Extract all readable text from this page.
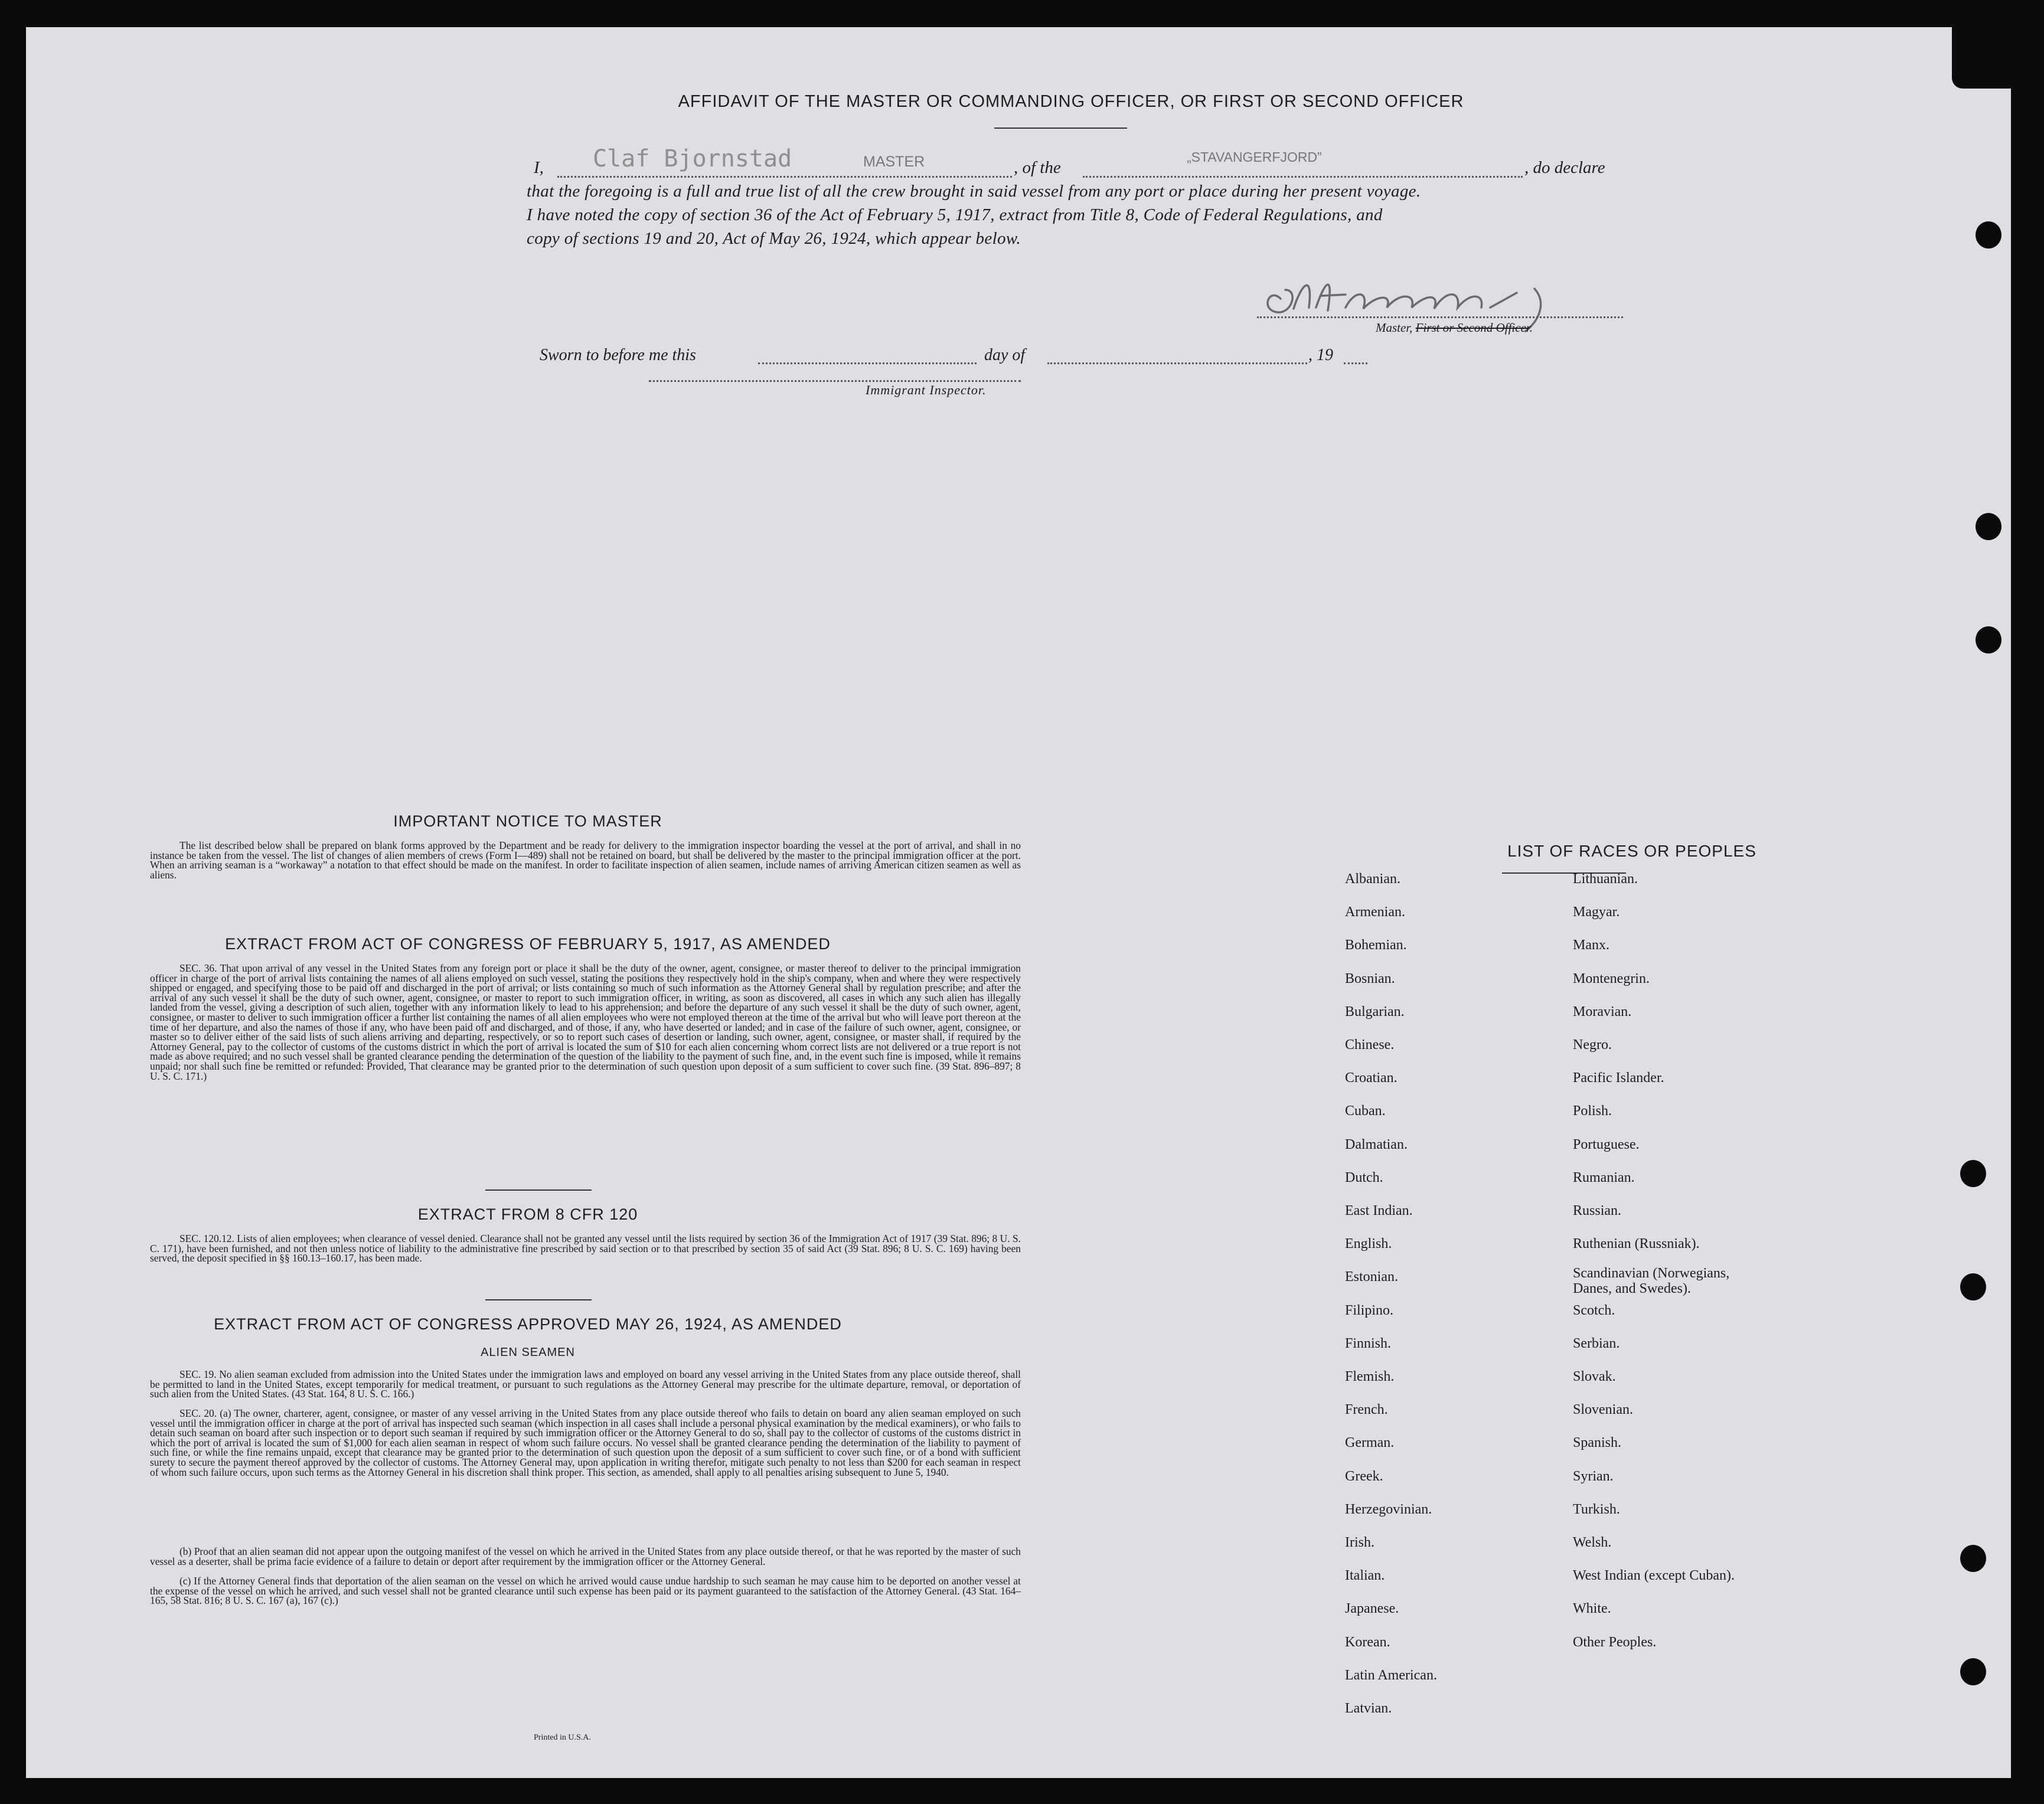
AFFIDAVIT OF THE MASTER OR COMMANDING OFFICER, OR FIRST OR SECOND OFFICER
I, Claf Bjornstad	MASTER	, of the
„STAVANGERFJORD”
, do declare
that the foregoing is a full and true list of all the crew brought in said vessel from any port or place during her present voyage.
I have noted the copy of section 36 of the Act of February 5, 1917, extract from Title 8, Code of Federal Regulations, and
copy of sections 19 and 20, Act of May 26, 1924, which appear below.
Master, First or Second Officer.
Sworn to before me this	day of	, 19
Immigrant Inspector.
IMPORTANT NOTICE TO MASTER
The list described below shall be prepared on blank forms approved by the Department and be ready for delivery to the immigration inspector boarding the vessel at the port of arrival, and shall in no instance be taken from the vessel. The list of changes of alien members of crews (Form I—489) shall not be retained on board, but shall be delivered by the master to the principal immigration officer at the port. When an arriving seaman is a “workaway” a notation to that effect should be made on the manifest. In order to facilitate inspection of alien seamen, include names of arriving American citizen seamen as well as aliens.
EXTRACT FROM ACT OF CONGRESS OF FEBRUARY 5, 1917, AS AMENDED
SEC. 36. That upon arrival of any vessel in the United States from any foreign port or place it shall be the duty of the owner, agent, consignee, or master thereof to deliver to the principal immigration officer in charge of the port of arrival lists containing the names of all aliens employed on such vessel, stating the positions they respectively hold in the ship's company, when and where they were respectively shipped or engaged, and specifying those to be paid off and discharged in the port of arrival; or lists containing so much of such information as the Attorney General shall by regulation prescribe; and after the arrival of any such vessel it shall be the duty of such owner, agent, consignee, or master to report to such immigration officer, in writing, as soon as discovered, all cases in which any such alien has illegally landed from the vessel, giving a description of such alien, together with any information likely to lead to his apprehension; and before the departure of any such vessel it shall be the duty of such owner, agent, consignee, or master to deliver to such immigration officer a further list containing the names of all alien employees who were not employed thereon at the time of the arrival but who will leave port thereon at the time of her departure, and also the names of those if any, who have been paid off and discharged, and of those, if any, who have deserted or landed; and in case of the failure of such owner, agent, consignee, or master so to deliver either of the said lists of such aliens arriving and departing, respectively, or so to report such cases of desertion or landing, such owner, agent, consignee, or master shall, if required by the Attorney General, pay to the collector of customs of the customs district in which the port of arrival is located the sum of $10 for each alien concerning whom correct lists are not delivered or a true report is not made as above required; and no such vessel shall be granted clearance pending the determination of the question of the liability to the payment of such fine, and, in the event such fine is imposed, while it remains unpaid; nor shall such fine be remitted or refunded: Provided, That clearance may be granted prior to the determination of such question upon deposit of a sum sufficient to cover such fine. (39 Stat. 896–897; 8 U. S. C. 171.)
EXTRACT FROM 8 CFR 120
SEC. 120.12. Lists of alien employees; when clearance of vessel denied. Clearance shall not be granted any vessel until the lists required by section 36 of the Immigration Act of 1917 (39 Stat. 896; 8 U. S. C. 171), have been furnished, and not then unless notice of liability to the administrative fine prescribed by said section or to that prescribed by section 35 of said Act (39 Stat. 896; 8 U. S. C. 169) having been served, the deposit specified in §§ 160.13–160.17, has been made.
EXTRACT FROM ACT OF CONGRESS APPROVED MAY 26, 1924, AS AMENDED
ALIEN SEAMEN
SEC. 19. No alien seaman excluded from admission into the United States under the immigration laws and employed on board any vessel arriving in the United States from any place outside thereof, shall be permitted to land in the United States, except temporarily for medical treatment, or pursuant to such regulations as the Attorney General may prescribe for the ultimate departure, removal, or deportation of such alien from the United States. (43 Stat. 164, 8 U. S. C. 166.)
SEC. 20. (a) The owner, charterer, agent, consignee, or master of any vessel arriving in the United States from any place outside thereof who fails to detain on board any alien seaman employed on such vessel until the immigration officer in charge at the port of arrival has inspected such seaman (which inspection in all cases shall include a personal physical examination by the medical examiners), or who fails to detain such seaman on board after such inspection or to deport such seaman if required by such immigration officer or the Attorney General to do so, shall pay to the collector of customs of the customs district in which the port of arrival is located the sum of $1,000 for each alien seaman in respect of whom such failure occurs. No vessel shall be granted clearance pending the determination of the liability to payment of such fine, or while the fine remains unpaid, except that clearance may be granted prior to the determination of such question upon the deposit of a sum sufficient to cover such fine, or of a bond with sufficient surety to secure the payment thereof approved by the collector of customs. The Attorney General may, upon application in writing therefor, mitigate such penalty to not less than $200 for each seaman in respect of whom such failure occurs, upon such terms as the Attorney General in his discretion shall think proper. This section, as amended, shall apply to all penalties arising subsequent to June 5, 1940.
(b) Proof that an alien seaman did not appear upon the outgoing manifest of the vessel on which he arrived in the United States from any place outside thereof, or that he was reported by the master of such vessel as a deserter, shall be prima facie evidence of a failure to detain or deport after requirement by the immigration officer or the Attorney General.
(c) If the Attorney General finds that deportation of the alien seaman on the vessel on which he arrived would cause undue hardship to such seaman he may cause him to be deported on another vessel at the expense of the vessel on which he arrived, and such vessel shall not be granted clearance until such expense has been paid or its payment guaranteed to the satisfaction of the Attorney General. (43 Stat. 164–165, 58 Stat. 816; 8 U. S. C. 167 (a), 167 (c).)
Printed in U.S.A.
LIST OF RACES OR PEOPLES
Albanian.
Armenian.
Bohemian.
Bosnian.
Bulgarian.
Chinese.
Croatian.
Cuban.
Dalmatian.
Dutch.
East Indian.
English.
Estonian.
Filipino.
Finnish.
Flemish.
French.
German.
Greek.
Herzegovinian.
Irish.
Italian.
Japanese.
Korean.
Latin American.
Latvian.
Lithuanian.
Magyar.
Manx.
Montenegrin.
Moravian.
Negro.
Pacific Islander.
Polish.
Portuguese.
Rumanian.
Russian.
Ruthenian (Russniak).
Scandinavian (Norwegians,
Danes, and Swedes).
Scotch.
Serbian.
Slovak.
Slovenian.
Spanish.
Syrian.
Turkish.
Welsh.
West Indian (except Cuban).
White.
Other Peoples.
